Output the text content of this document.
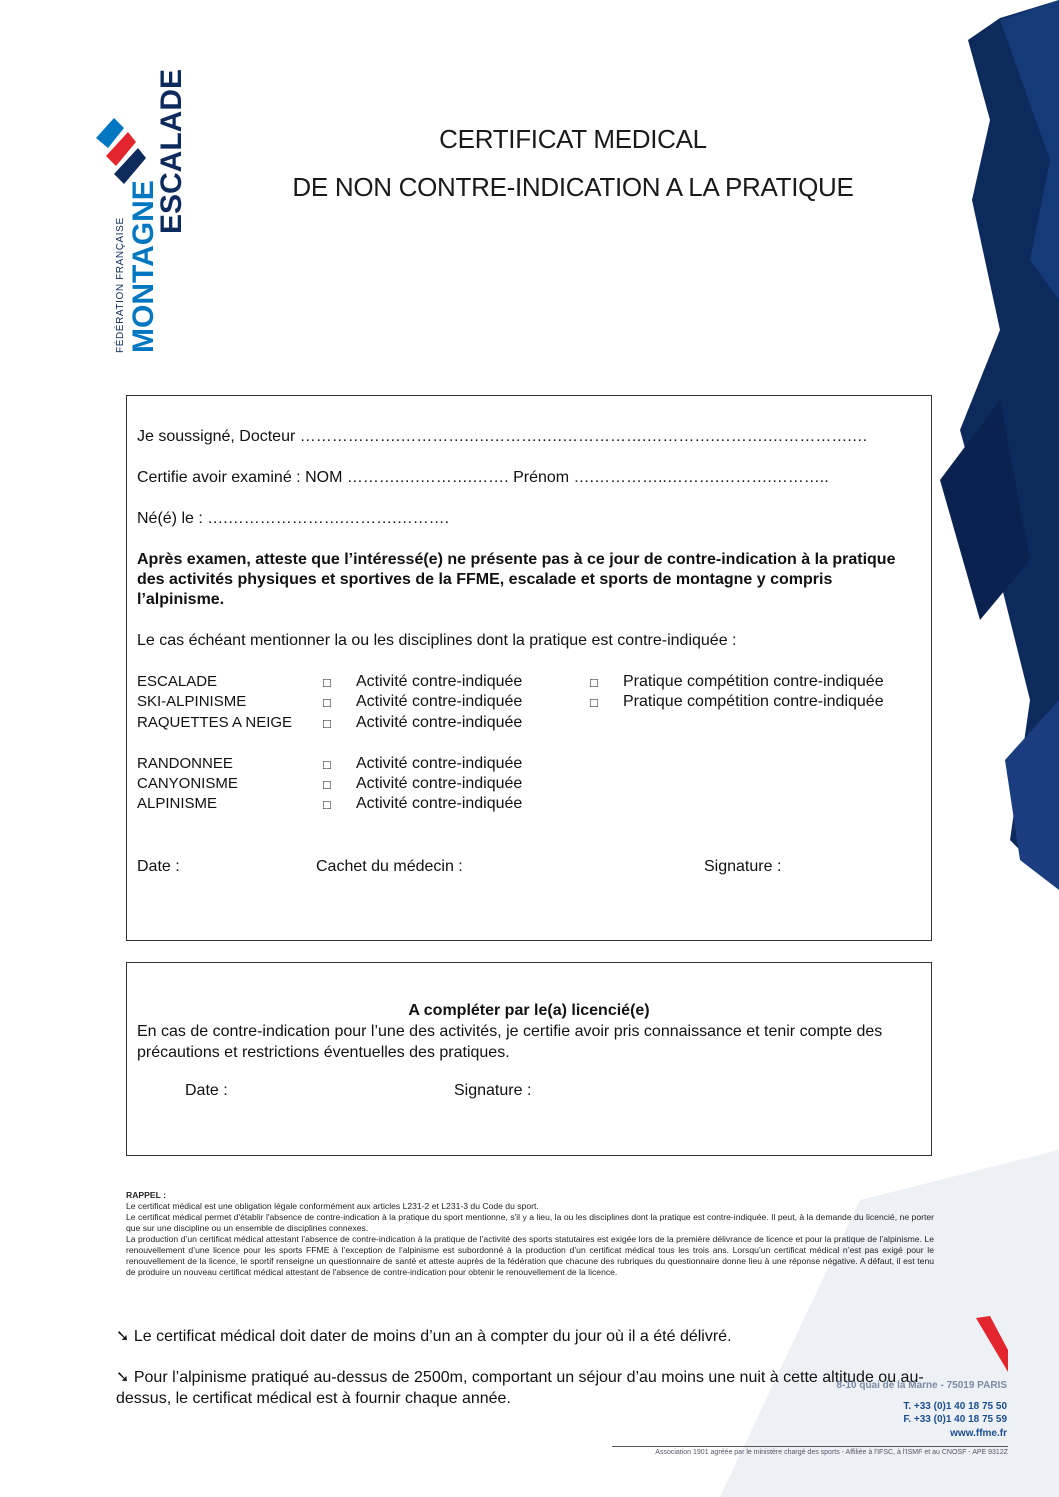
FÉDÉRATION FRANÇAISE MONTAGNE
ESCALADE	CERTIFICAT MEDICAL
DE NON CONTRE-INDICATION A LA PRATIQUE
Je soussigné, Docteur ……………….………….….……….….…………….………….……….…………….…
Certifie avoir examiné : NOM ……….….……….……. Prénom ….…………..……….……….………..
Né(é) le : ….………………….……….……….
Après examen, atteste que l’intéressé(e) ne présente pas à ce jour de contre-indication à la pratique des activités physiques et sportives de la FFME, escalade et sports de montagne y compris l’alpinisme.
Le cas échéant mentionner la ou les disciplines dont la pratique est contre-indiquée :
ESCALADE	□ Activité contre-indiquée	□ Pratique compétition contre-indiquée
SKI-ALPINISME	□ Activité contre-indiquée	□ Pratique compétition contre-indiquée
RAQUETTES A NEIGE □ Activité contre-indiquée
RANDONNEE	□ Activité contre-indiquée
CANYONISME	□ Activité contre-indiquée
ALPINISME	□ Activité contre-indiquée
Date :	Cachet du médecin :	Signature :
A compléter par le(a) licencié(e)
En cas de contre-indication pour l’une des activités, je certifie avoir pris connaissance et tenir compte des précautions et restrictions éventuelles des pratiques.
Date :	Signature :

RAPPEL :

Le certificat médical est une obligation légale conformément aux articles L231-2 et L231-3 du Code du sport.

Le certificat médical permet d'établir l'absence de contre-indication à la pratique du sport mentionne, s'il y a lieu, la ou les disciplines dont la pratique est contre-indiquée. Il peut, à la demande du licencié, ne porter que sur une discipline ou un ensemble de disciplines connexes.

La production d’un certificat médical attestant l’absence de contre-indication à la pratique de l’activité des sports statutaires est exigée lors de la première délivrance de licence et pour la pratique de l’alpinisme. Le renouvellement d’une licence pour les sports FFME à l’exception de l’alpinisme est subordonné à la production d’un certificat médical tous les trois ans. Lorsqu’un certificat médical n’est pas exigé pour le renouvellement de la licence, le sportif renseigne un questionnaire de santé et atteste auprès de la fédération que chacune des rubriques du questionnaire donne lieu à une réponse négative. A défaut, il est tenu de produire un nouveau certificat médical attestant de l'absence de contre-indication pour obtenir le renouvellement de la licence.

➘ Le certificat médical doit dater de moins d’un an à compter du jour où il a été délivré.
➘ Pour l’alpinisme pratiqué au-dessus de 2500m, comportant un séjour d’au moins une nuit à cette altitude ou au-dessus, le certificat médical est à fournir chaque année.
8-10 quai de la Marne - 75019 PARIS
T. +33 (0)1 40 18 75 50
F. +33 (0)1 40 18 75 59
www.ffme.fr
Association 1901 agréée par le ministère chargé des sports - Affiliée à l'IFSC, à l'ISMF et au CNOSF - APE 9312Z
